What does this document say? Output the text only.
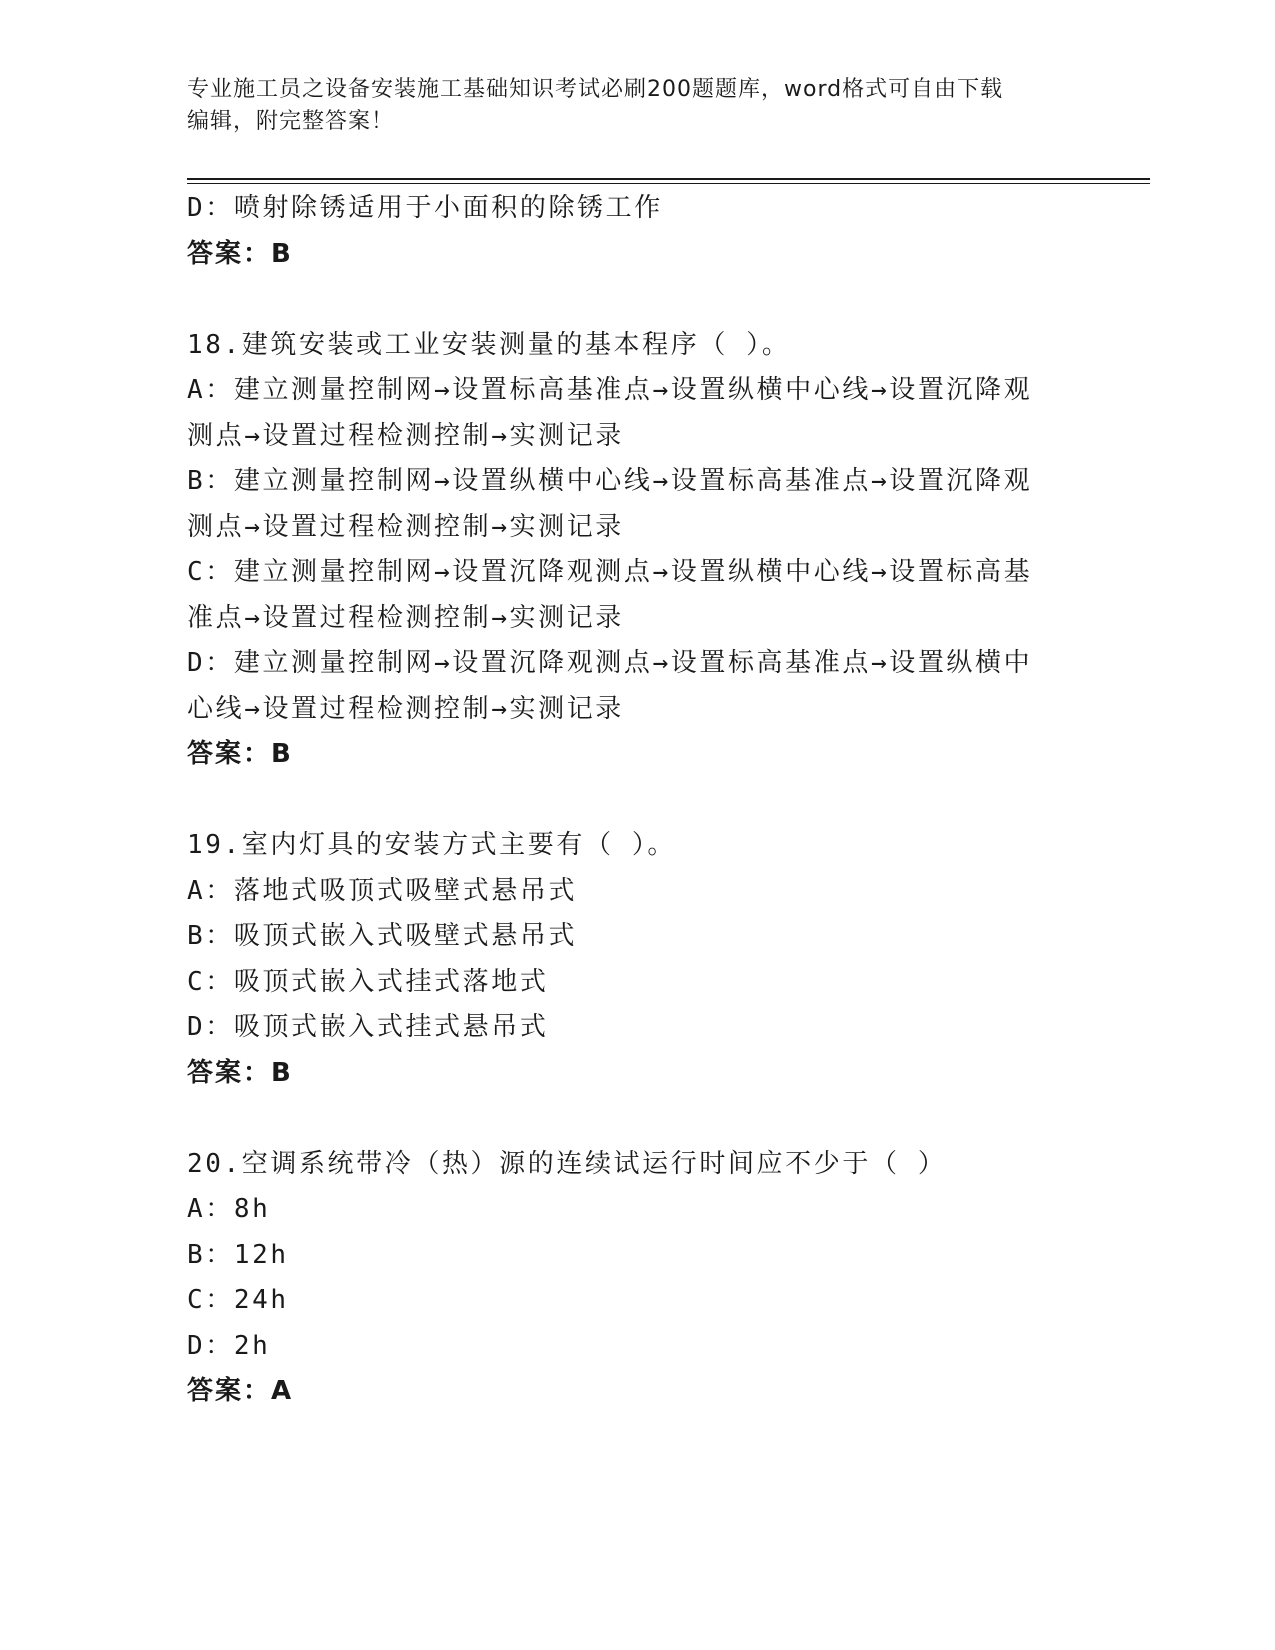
专业施工员之设备安装施工基础知识考试必刷200题题库，word格式可自由下载
编辑，附完整答案！
D：喷射除锈适用于小面积的除锈工作
答案：B
18.建筑安装或工业安装测量的基本程序（ ）。
A：建立测量控制网→设置标高基准点→设置纵横中心线→设置沉降观
测点→设置过程检测控制→实测记录
B：建立测量控制网→设置纵横中心线→设置标高基准点→设置沉降观
测点→设置过程检测控制→实测记录
C：建立测量控制网→设置沉降观测点→设置纵横中心线→设置标高基
准点→设置过程检测控制→实测记录
D：建立测量控制网→设置沉降观测点→设置标高基准点→设置纵横中
心线→设置过程检测控制→实测记录
答案：B
19.室内灯具的安装方式主要有（ ）。
A：落地式吸顶式吸壁式悬吊式
B：吸顶式嵌入式吸壁式悬吊式
C：吸顶式嵌入式挂式落地式
D：吸顶式嵌入式挂式悬吊式
答案：B
20.空调系统带冷（热）源的连续试运行时间应不少于（ ）
A：8h
B：12h
C：24h
D：2h
答案：A
